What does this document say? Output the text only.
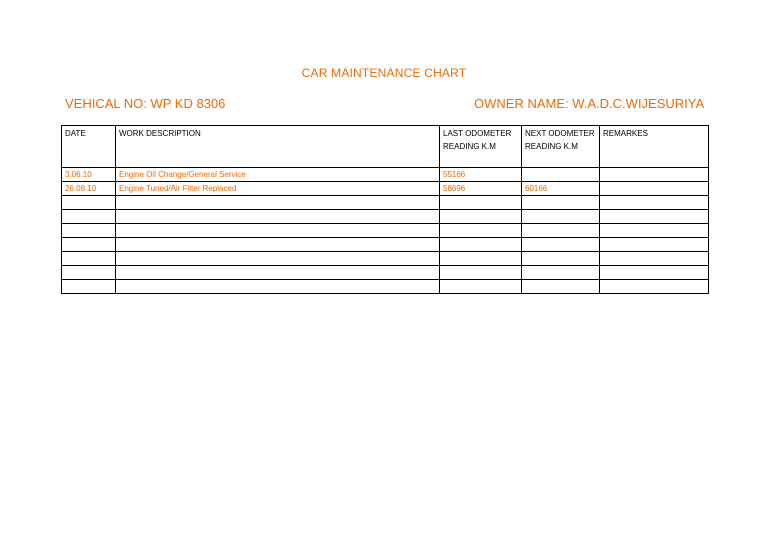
CAR MAINTENANCE CHART
VEHICAL NO: WP KD 8306	OWNER NAME: W.A.D.C.WIJESURIYA
DATE	WORK DESCRIPTION	LAST ODOMETER READING K.M	NEXT ODOMETER READING K.M	REMARKES
3.06.10	Engine Oil Change/General Service	55166		
26.08.10	Engine Tuned/Air Filter Replaced	58696	60166	
